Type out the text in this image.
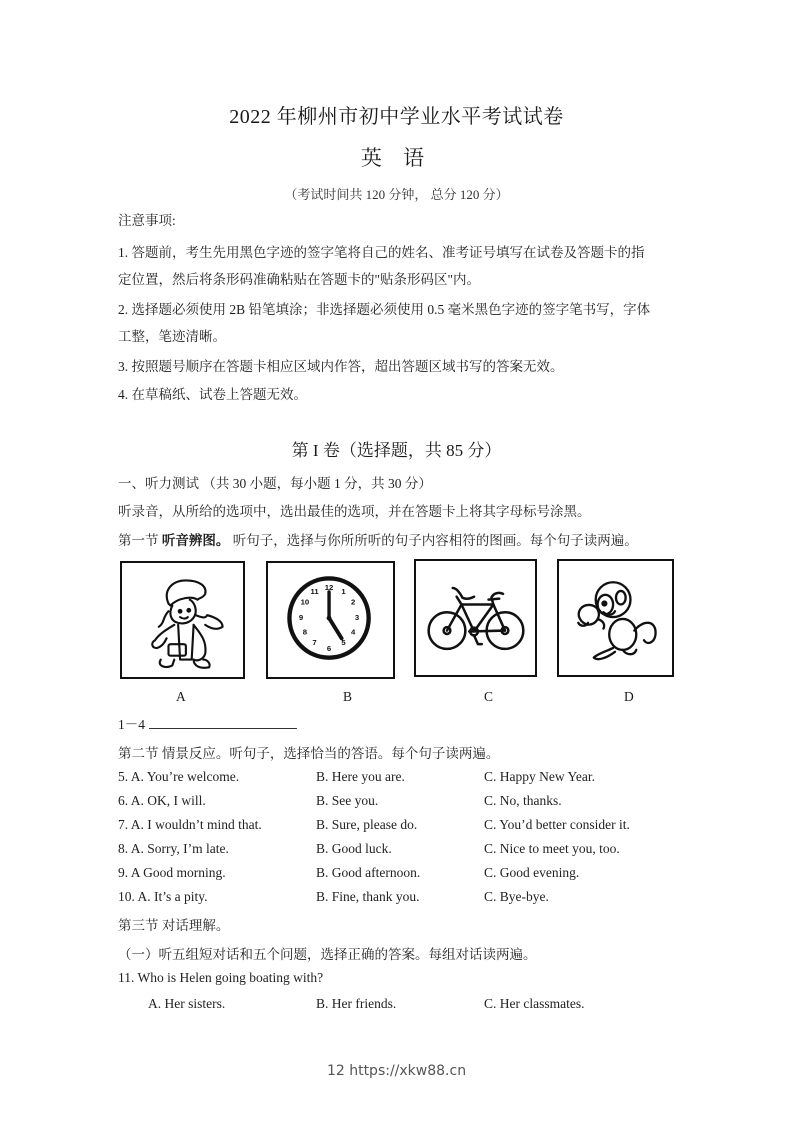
2022 年柳州市初中学业水平考试试卷
英 语
（考试时间共 120 分钟， 总分 120 分）
注意事项:
1. 答题前，考生先用黑色字迹的签字笔将自己的姓名、准考证号填写在试卷及答题卡的指
定位置，然后将条形码准确粘贴在答题卡的"贴条形码区"内。
2. 选择题必须使用 2B 铅笔填涂；非选择题必须使用 0.5 毫米黑色字迹的签字笔书写，字体
工整，笔迹清晰。
3. 按照题号顺序在答题卡相应区域内作答，超出答题区域书写的答案无效。
4. 在草稿纸、试卷上答题无效。
第 I 卷（选择题，共 85 分）
一、听力测试 （共 30 小题，每小题 1 分，共 30 分）
听录音，从所给的选项中，选出最佳的选项，并在答题卡上将其字母标号涂黑。
第一节 听音辨图。 听句子，选择与你所所听的句子内容相符的图画。每个句子读两遍。
12 1
2
3
4
5
6
7
8
9
10
11
A	B	C	D
1－4
第二节 情景反应。听句子，选择恰当的答语。每个句子读两遍。
5. A. You’re welcome.	B. Here you are.	C. Happy New Year.
6. A. OK, I will.	B. See you.	C. No, thanks.
7. A. I wouldn’t mind that.	B. Sure, please do.	C. You’d better consider it.
8. A. Sorry, I’m late.	B. Good luck.	C. Nice to meet you, too.
9. A Good morning.	B. Good afternoon.	C. Good evening.
10. A. It’s a pity.	B. Fine, thank you.	C. Bye-bye.
第三节 对话理解。
（一）听五组短对话和五个问题，选择正确的答案。每组对话读两遍。
11. Who is Helen going boating with?
A. Her sisters.	B. Her friends.	C. Her classmates.
12 https://xkw88.cn
